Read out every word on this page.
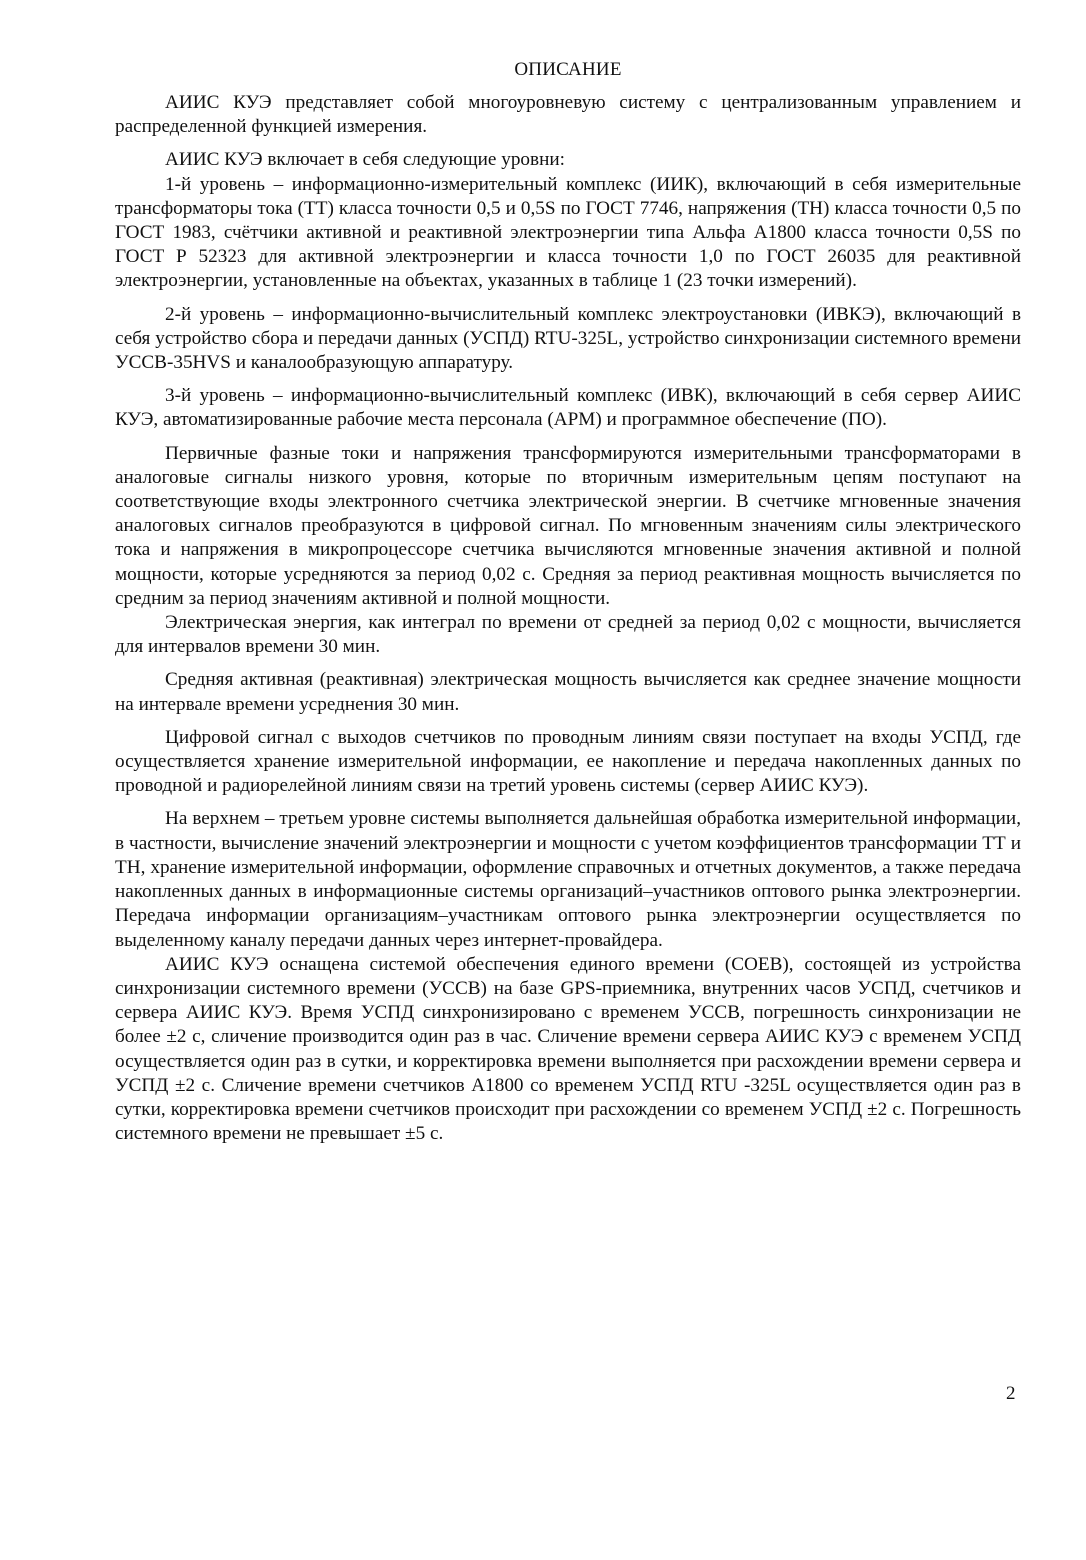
ОПИСАНИЕ

АИИС КУЭ представляет собой многоуровневую систему с централизованным управлением и распределенной функцией измерения.

АИИС КУЭ включает в себя следующие уровни:

1-й уровень – информационно-измерительный комплекс (ИИК), включающий в себя измерительные трансформаторы тока (ТТ) класса точности 0,5 и 0,5S по ГОСТ 7746, напряжения (ТН) класса точности 0,5 по ГОСТ 1983, счётчики активной и реактивной электроэнергии типа Альфа А1800 класса точности 0,5S по ГОСТ Р 52323 для активной электроэнергии и класса точности 1,0 по ГОСТ 26035 для реактивной электроэнергии, установленные на объектах, указанных в таблице 1 (23 точки измерений).

2-й уровень – информационно-вычислительный комплекс электроустановки (ИВКЭ), включающий в себя устройство сбора и передачи данных (УСПД) RTU-325L, устройство синхронизации системного времени УССВ-35HVS и каналообразующую аппаратуру.

3-й уровень – информационно-вычислительный комплекс (ИВК), включающий в себя сервер АИИС КУЭ, автоматизированные рабочие места персонала (АРМ) и программное обеспечение (ПО).

Первичные фазные токи и напряжения трансформируются измерительными трансформаторами в аналоговые сигналы низкого уровня, которые по вторичным измерительным цепям поступают на соответствующие входы электронного счетчика электрической энергии. В счетчике мгновенные значения аналоговых сигналов преобразуются в цифровой сигнал. По мгновенным значениям силы электрического тока и напряжения в микропроцессоре счетчика вычисляются мгновенные значения активной и полной мощности, которые усредняются за период 0,02 с. Средняя за период реактивная мощность вычисляется по средним за период значениям активной и полной мощности.

Электрическая энергия, как интеграл по времени от средней за период 0,02 с мощности, вычисляется для интервалов времени 30 мин.

Средняя активная (реактивная) электрическая мощность вычисляется как среднее значение мощности на интервале времени усреднения 30 мин.

Цифровой сигнал с выходов счетчиков по проводным линиям связи поступает на входы УСПД, где осуществляется хранение измерительной информации, ее накопление и передача накопленных данных по проводной и радиорелейной линиям связи на третий уровень системы (сервер АИИС КУЭ).

На верхнем – третьем уровне системы выполняется дальнейшая обработка измерительной информации, в частности, вычисление значений электроэнергии и мощности с учетом коэффициентов трансформации ТТ и ТН, хранение измерительной информации, оформление справочных и отчетных документов, а также передача накопленных данных в информационные системы организаций–участников оптового рынка электроэнергии. Передача информации организациям–участникам оптового рынка электроэнергии осуществляется по выделенному каналу передачи данных через интернет-провайдера.

АИИС КУЭ оснащена системой обеспечения единого времени (СОЕВ), состоящей из устройства синхронизации системного времени (УССВ) на базе GPS-приемника, внутренних часов УСПД, счетчиков и сервера АИИС КУЭ. Время УСПД синхронизировано с временем УССВ, погрешность синхронизации не более ±2 с, сличение производится один раз в час. Сличение времени сервера АИИС КУЭ с временем УСПД осуществляется один раз в сутки, и корректировка времени выполняется при расхождении времени сервера и УСПД ±2 с. Сличение времени счетчиков А1800 со временем УСПД RTU -325L осуществляется один раз в сутки, корректировка времени счетчиков происходит при расхождении со временем УСПД ±2 с. Погрешность системного времени не превышает ±5 с.

2
